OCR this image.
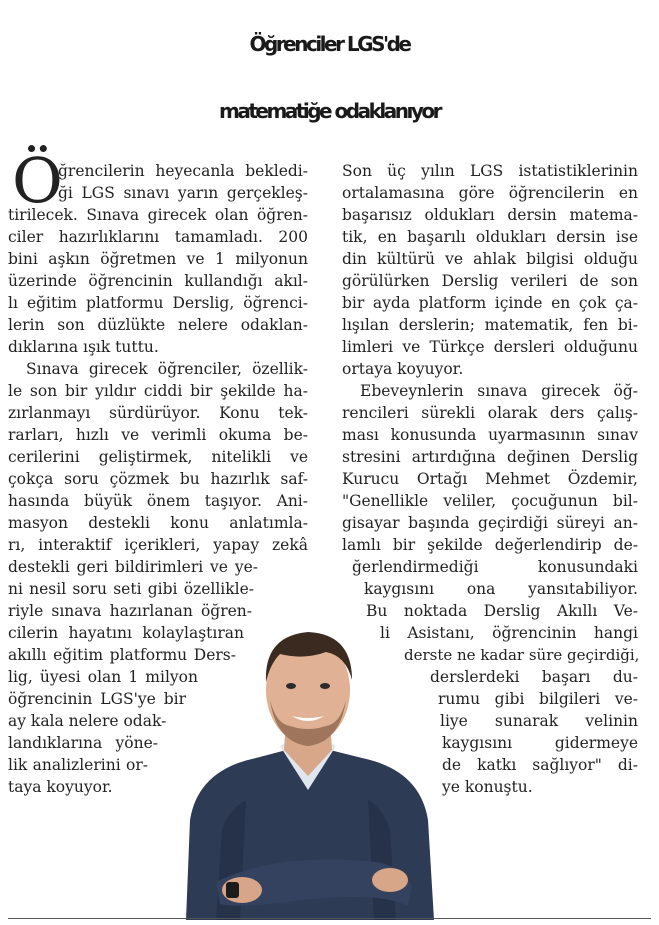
Öğrenciler LGS'de
matematiğe odaklanıyor
Ö
ğrencilerin heyecanla bekledi-
ği LGS sınavı yarın gerçekleş-
tirilecek. Sınava girecek olan öğren-
ciler hazırlıklarını tamamladı. 200
bini aşkın öğretmen ve 1 milyonun
üzerinde öğrencinin kullandığı akıl-
lı eğitim platformu Derslig, öğrenci-
lerin son düzlükte nelere odaklan-
dıklarına ışık tuttu.
Sınava girecek öğrenciler, özellik-
le son bir yıldır ciddi bir şekilde ha-
zırlanmayı sürdürüyor. Konu tek-
rarları, hızlı ve verimli okuma be-
cerilerini geliştirmek, nitelikli ve
çokça soru çözmek bu hazırlık saf-
hasında büyük önem taşıyor. Ani-
masyon destekli konu anlatımla-
rı, interaktif içerikleri, yapay zekâ
destekli geri bildirimleri ve ye-
ni nesil soru seti gibi özellikle-
riyle sınava hazırlanan öğren-
cilerin hayatını kolaylaştıran
akıllı eğitim platformu Ders-
lig, üyesi olan 1 milyon
öğrencinin LGS'ye bir
ay kala nelere odak-
landıklarına yöne-
lik analizlerini or-
taya koyuyor.
Son üç yılın LGS istatistiklerinin
ortalamasına göre öğrencilerin en
başarısız oldukları dersin matema-
tik, en başarılı oldukları dersin ise
din kültürü ve ahlak bilgisi olduğu
görülürken Derslig verileri de son
bir ayda platform içinde en çok ça-
lışılan derslerin; matematik, fen bi-
limleri ve Türkçe dersleri olduğunu
ortaya koyuyor.
Ebeveynlerin sınava girecek öğ-
rencileri sürekli olarak ders çalış-
ması konusunda uyarmasının sınav
stresini artırdığına değinen Derslig
Kurucu Ortağı Mehmet Özdemir,
"Genellikle veliler, çocuğunun bil-
gisayar başında geçirdiği süreyi an-
lamlı bir şekilde değerlendirip de-
ğerlendirmediği konusundaki
kaygısını ona yansıtabiliyor.
Bu noktada Derslig Akıllı Ve-
li Asistanı, öğrencinin hangi
derste ne kadar süre geçirdiği,
derslerdeki başarı du-
rumu gibi bilgileri ve-
liye sunarak velinin
kaygısını gidermeye
de katkı sağlıyor" di-
ye konuştu.
